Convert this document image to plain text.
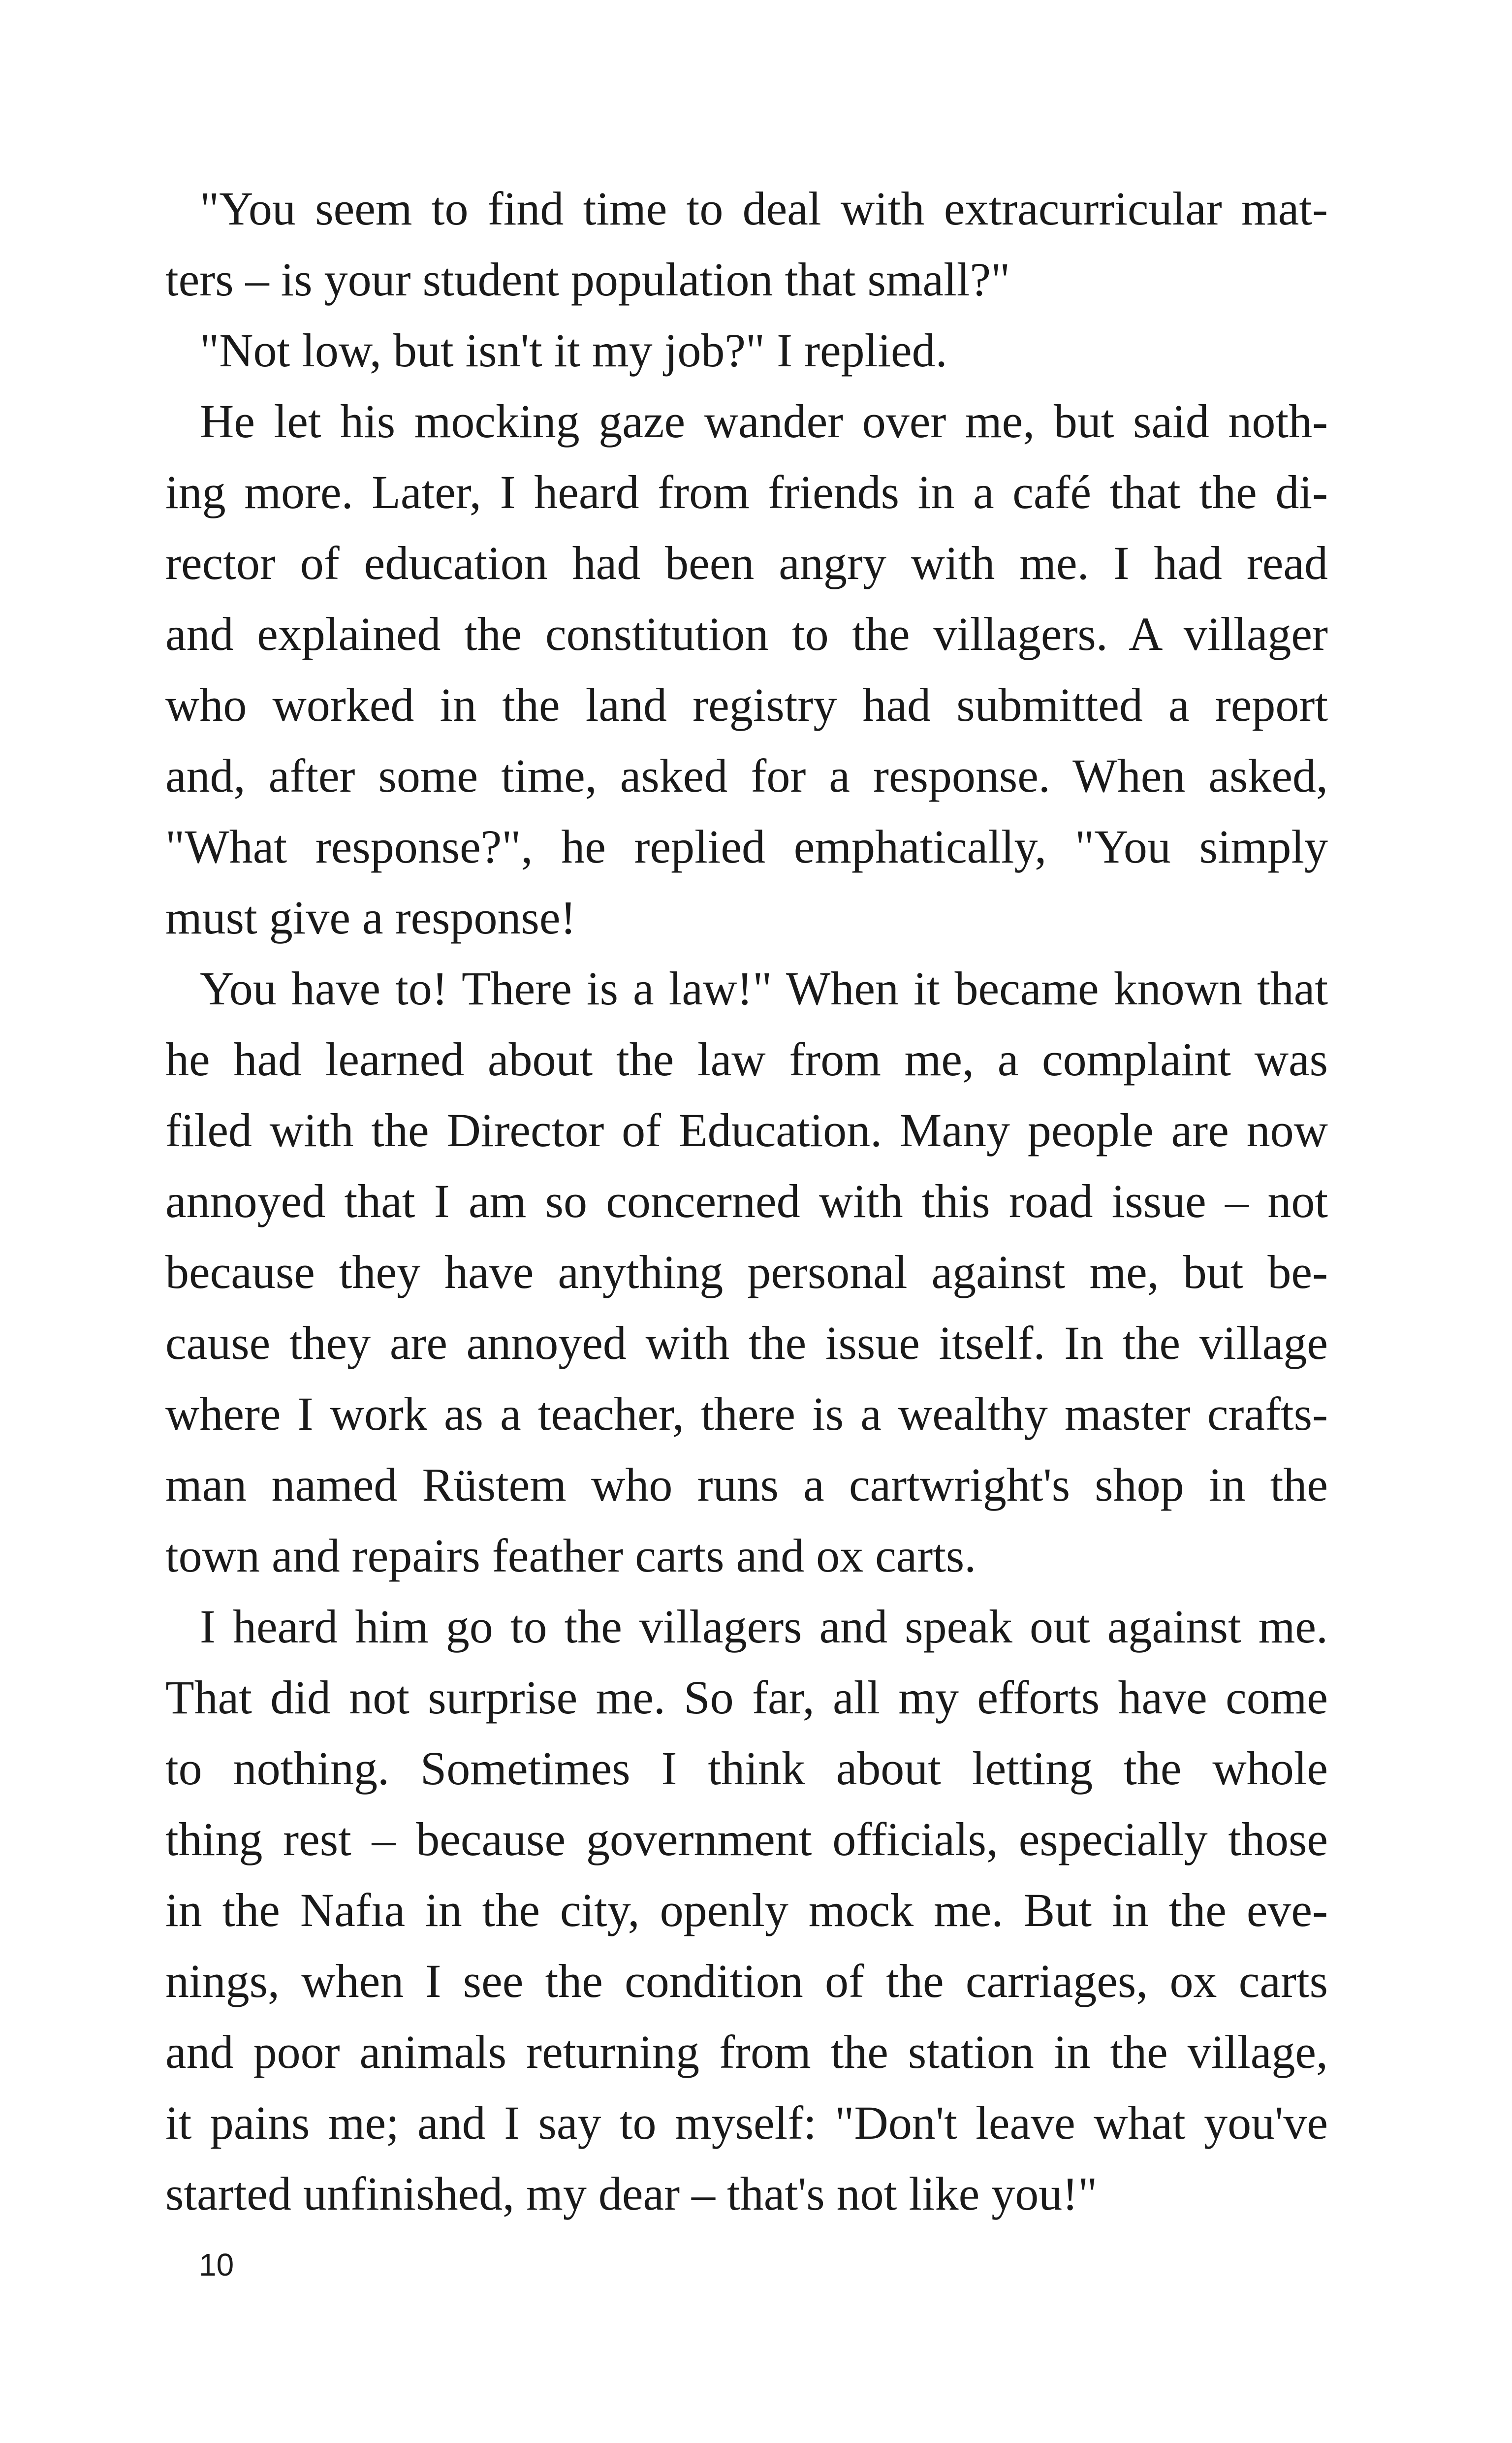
"You seem to find time to deal with extracurricular mat-
ters – is your student population that small?"
"Not low, but isn't it my job?" I replied.
He let his mocking gaze wander over me, but said noth-
ing more. Later, I heard from friends in a café that the di-
rector of education had been angry with me. I had read
and explained the constitution to the villagers. A villager
who worked in the land registry had submitted a report
and, after some time, asked for a response. When asked,
"What response?", he replied emphatically, "You simply
must give a response!
You have to! There is a law!" When it became known that
he had learned about the law from me, a complaint was
filed with the Director of Education. Many people are now
annoyed that I am so concerned with this road issue – not
because they have anything personal against me, but be-
cause they are annoyed with the issue itself. In the village
where I work as a teacher, there is a wealthy master crafts-
man named Rüstem who runs a cartwright's shop in the
town and repairs feather carts and ox carts.
I heard him go to the villagers and speak out against me.
That did not surprise me. So far, all my efforts have come
to nothing. Sometimes I think about letting the whole
thing rest – because government officials, especially those
in the Nafıa in the city, openly mock me. But in the eve-
nings, when I see the condition of the carriages, ox carts
and poor animals returning from the station in the village,
it pains me; and I say to myself: "Don't leave what you've
started unfinished, my dear – that's not like you!"
10
